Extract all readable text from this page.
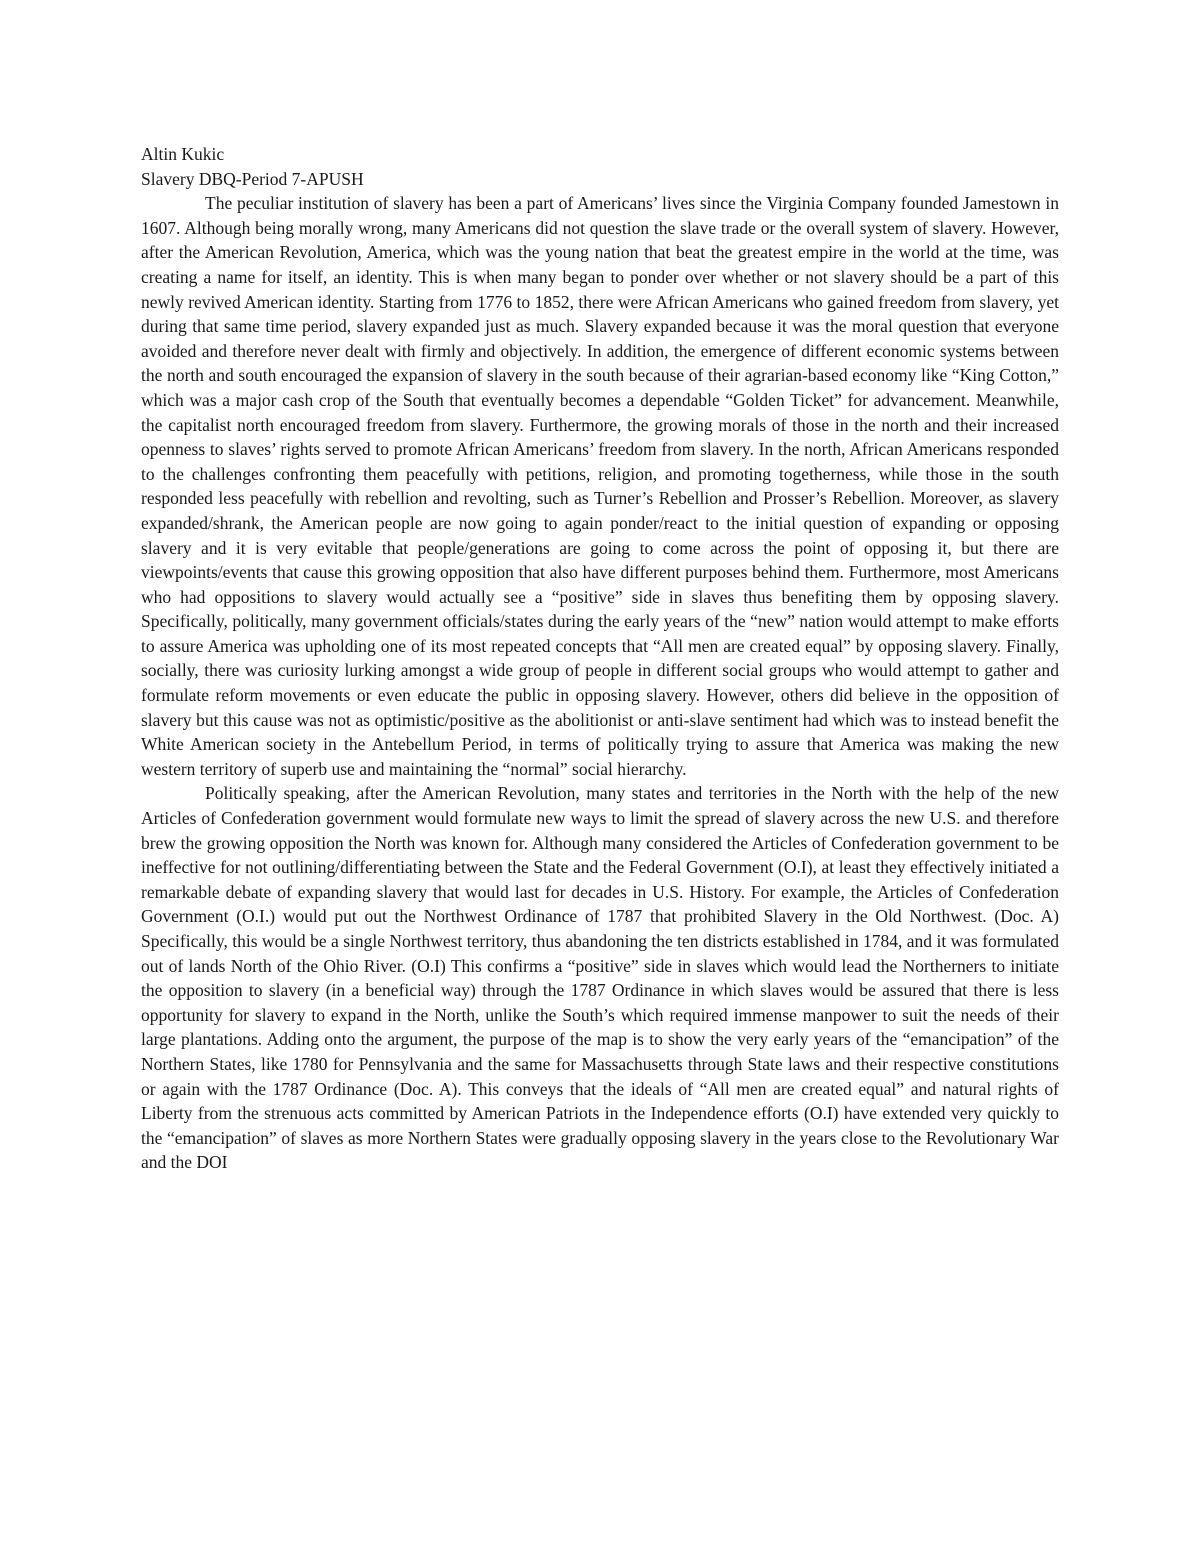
Altin Kukic

Slavery DBQ-Period 7-APUSH

The peculiar institution of slavery has been a part of Americans’ lives since the Virginia Company founded Jamestown in 1607. Although being morally wrong, many Americans did not question the slave trade or the overall system of slavery. However, after the American Revolution, America, which was the young nation that beat the greatest empire in the world at the time, was creating a name for itself, an identity. This is when many began to ponder over whether or not slavery should be a part of this newly revived American identity. Starting from 1776 to 1852, there were African Americans who gained freedom from slavery, yet during that same time period, slavery expanded just as much. Slavery expanded because it was the moral question that everyone avoided and therefore never dealt with firmly and objectively. In addition, the emergence of different economic systems between the north and south encouraged the expansion of slavery in the south because of their agrarian-based economy like “King Cotton,” which was a major cash crop of the South that eventually becomes a dependable “Golden Ticket” for advancement. Meanwhile, the capitalist north encouraged freedom from slavery. Furthermore, the growing morals of those in the north and their increased openness to slaves’ rights served to promote African Americans’ freedom from slavery. In the north, African Americans responded to the challenges confronting them peacefully with petitions, religion, and promoting togetherness, while those in the south responded less peacefully with rebellion and revolting, such as Turner’s Rebellion and Prosser’s Rebellion. Moreover, as slavery expanded/shrank, the American people are now going to again ponder/react to the initial question of expanding or opposing slavery and it is very evitable that people/generations are going to come across the point of opposing it, but there are viewpoints/events that cause this growing opposition that also have different purposes behind them. Furthermore, most Americans who had oppositions to slavery would actually see a “positive” side in slaves thus benefiting them by opposing slavery. Specifically, politically, many government officials/states during the early years of the “new” nation would attempt to make efforts to assure America was upholding one of its most repeated concepts that “All men are created equal” by opposing slavery. Finally, socially, there was curiosity lurking amongst a wide group of people in different social groups who would attempt to gather and formulate reform movements or even educate the public in opposing slavery. However, others did believe in the opposition of slavery but this cause was not as optimistic/positive as the abolitionist or anti-slave sentiment had which was to instead benefit the White American society in the Antebellum Period, in terms of politically trying to assure that America was making the new western territory of superb use and maintaining the “normal” social hierarchy.

Politically speaking, after the American Revolution, many states and territories in the North with the help of the new Articles of Confederation government would formulate new ways to limit the spread of slavery across the new U.S. and therefore brew the growing opposition the North was known for. Although many considered the Articles of Confederation government to be ineffective for not outlining/differentiating between the State and the Federal Government (O.I), at least they effectively initiated a remarkable debate of expanding slavery that would last for decades in U.S. History. For example, the Articles of Confederation Government (O.I.) would put out the Northwest Ordinance of 1787 that prohibited Slavery in the Old Northwest. (Doc. A) Specifically, this would be a single Northwest territory, thus abandoning the ten districts established in 1784, and it was formulated out of lands North of the Ohio River. (O.I) This confirms a “positive” side in slaves which would lead the Northerners to initiate the opposition to slavery (in a beneficial way) through the 1787 Ordinance in which slaves would be assured that there is less opportunity for slavery to expand in the North, unlike the South’s which required immense manpower to suit the needs of their large plantations. Adding onto the argument, the purpose of the map is to show the very early years of the “emancipation” of the Northern States, like 1780 for Pennsylvania and the same for Massachusetts through State laws and their respective constitutions or again with the 1787 Ordinance (Doc. A). This conveys that the ideals of “All men are created equal” and natural rights of Liberty from the strenuous acts committed by American Patriots in the Independence efforts (O.I) have extended very quickly to the “emancipation” of slaves as more Northern States were gradually opposing slavery in the years close to the Revolutionary War and the DOI
